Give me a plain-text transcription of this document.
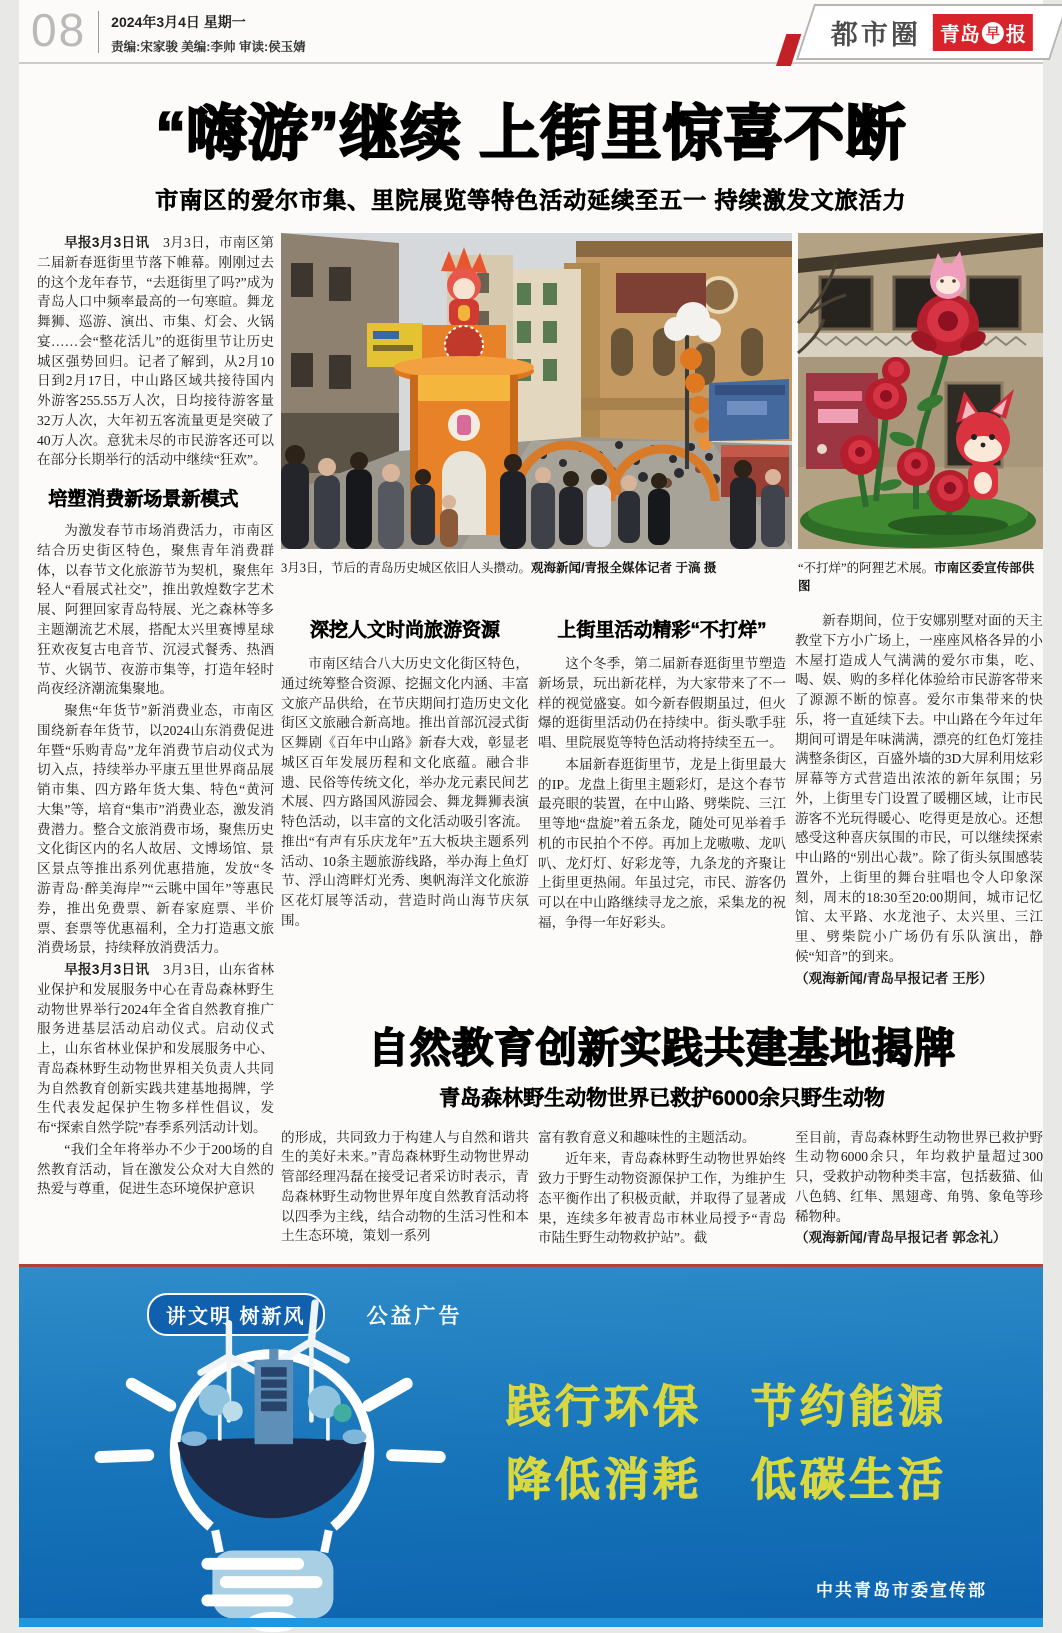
08 2024年3月4日 星期一
责编:宋家骏 美编:李帅 审读:侯玉婧	都市圈 青岛 早 报
“嗨游”继续 上街里惊喜不断
市南区的爱尔市集、里院展览等特色活动延续至五一 持续激发文旅活力

早报3月3日讯　 3月3日，市南区第二届新春逛街里节落下帷幕。刚刚过去的这个龙年春节，“去逛街里了吗?”成为青岛人口中频率最高的一句寒暄。舞龙舞狮、巡游、演出、市集、灯会、火锅宴……会“整花活儿”的逛街里节让历史城区强势回归。记者了解到，从2月10日到2月17日，中山路区域共接待国内外游客255.55万人次，日均接待游客量32万人次，大年初五客流量更是突破了40万人次。意犹未尽的市民游客还可以在部分长期举行的活动中继续“狂欢”。

培塑消费新场景新模式

为激发春节市场消费活力，市南区结合历史街区特色，聚焦青年消费群体，以春节文化旅游节为契机，聚焦年轻人“看展式社交”，推出敦煌数字艺术展、阿狸回家青岛特展、光之森林等多主题潮流艺术展，搭配太兴里赛博星球狂欢夜复古电音节、沉浸式餐秀、热酒节、火锅节、夜游市集等，打造年轻时尚夜经济潮流集聚地。

聚焦“年货节”新消费业态，市南区围绕新春年货节，以2024山东消费促进年暨“乐购青岛”龙年消费节启动仪式为切入点，持续举办平康五里世界商品展销市集、四方路年货大集、特色“黄河大集”等，培育“集市”消费业态，激发消费潜力。整合文旅消费市场，聚焦历史文化街区内的名人故居、文博场馆、景区景点等推出系列优惠措施，发放“冬游青岛·醉美海岸”“云眺中国年”等惠民券，推出免费票、新春家庭票、半价票、套票等优惠福利，全力打造惠文旅消费场景，持续释放消费活力。

早报3月3日讯　 3月3日，山东省林业保护和发展服务中心在青岛森林野生动物世界举行2024年全省自然教育推广服务进基层活动启动仪式。启动仪式上，山东省林业保护和发展服务中心、青岛森林野生动物世界相关负责人共同为自然教育创新实践共建基地揭牌，学生代表发起保护生物多样性倡议，发布“探索自然学院”春季系列活动计划。

“我们全年将举办不少于200场的自然教育活动，旨在激发公众对大自然的热爱与尊重，促进生态环境保护意识

3月3日，节后的青岛历史城区依旧人头攒动。观海新闻/青报全媒体记者 于滈 摄	“不打烊”的阿狸艺术展。市南区委宣传部供图
深挖人文时尚旅游资源

市南区结合八大历史文化街区特色，通过统筹整合资源、挖掘文化内涵、丰富文旅产品供给，在节庆期间打造历史文化街区文旅融合新高地。推出首部沉浸式街区舞剧《百年中山路》新春大戏，彰显老城区百年发展历程和文化底蕴。融合非遗、民俗等传统文化，举办龙元素民间艺术展、四方路国风游园会、舞龙舞狮表演特色活动，以丰富的文化活动吸引客流。推出“有声有乐庆龙年”五大板块主题系列活动、10条主题旅游线路，举办海上鱼灯节、浮山湾畔灯光秀、奥帆海洋文化旅游区花灯展等活动，营造时尚山海节庆氛围。

上街里活动精彩“不打烊”

这个冬季，第二届新春逛街里节塑造新场景，玩出新花样，为大家带来了不一样的视觉盛宴。如今新春假期虽过，但火爆的逛街里活动仍在持续中。街头歌手驻唱、里院展览等特色活动将持续至五一。

本届新春逛街里节，龙是上街里最大的IP。龙盘上街里主题彩灯，是这个春节最亮眼的装置，在中山路、劈柴院、三江里等地“盘旋”着五条龙，随处可见举着手机的市民拍个不停。再加上龙嗷嗷、龙叭叭、龙灯灯、好彩龙等，九条龙的齐聚让上街里更热闹。年虽过完，市民、游客仍可以在中山路继续寻龙之旅，采集龙的祝福，争得一年好彩头。

新春期间，位于安娜别墅对面的天主教堂下方小广场上，一座座风格各异的小木屋打造成人气满满的爱尔市集，吃、喝、娱、购的多样化体验给市民游客带来了源源不断的惊喜。爱尔市集带来的快乐，将一直延续下去。中山路在今年过年期间可谓是年味满满，漂亮的红色灯笼挂满整条街区，百盛外墙的3D大屏利用炫彩屏幕等方式营造出浓浓的新年氛围；另外，上街里专门设置了暖棚区域，让市民游客不光玩得暖心、吃得更是放心。还想感受这种喜庆氛围的市民，可以继续探索中山路的“别出心裁”。除了街头氛围感装置外，上街里的舞台驻唱也令人印象深刻，周末的18:30至20:00期间，城市记忆馆、太平路、水龙池子、太兴里、三江里、劈柴院小广场仍有乐队演出，静候“知音”的到来。

（观海新闻/青岛早报记者 王彤）

自然教育创新实践共建基地揭牌
青岛森林野生动物世界已救护6000余只野生动物

的形成，共同致力于构建人与自然和谐共生的美好未来。”青岛森林野生动物世界动管部经理冯磊在接受记者采访时表示，青岛森林野生动物世界年度自然教育活动将以四季为主线，结合动物的生活习性和本土生态环境，策划一系列

富有教育意义和趣味性的主题活动。

近年来，青岛森林野生动物世界始终致力于野生动物资源保护工作，为维护生态平衡作出了积极贡献，并取得了显著成果，连续多年被青岛市林业局授予“青岛市陆生野生动物救护站”。截

至目前，青岛森林野生动物世界已救护野生动物6000余只，年均救护量超过300只，受救护动物种类丰富，包括薮猫、仙八色鸫、红隼、黑翅鸢、角鸮、象龟等珍稀物种。

（观海新闻/青岛早报记者 郭念礼）

讲文明 树新风	公益广告
践行环保　节约能源
降低消耗　低碳生活
中共青岛市委宣传部
